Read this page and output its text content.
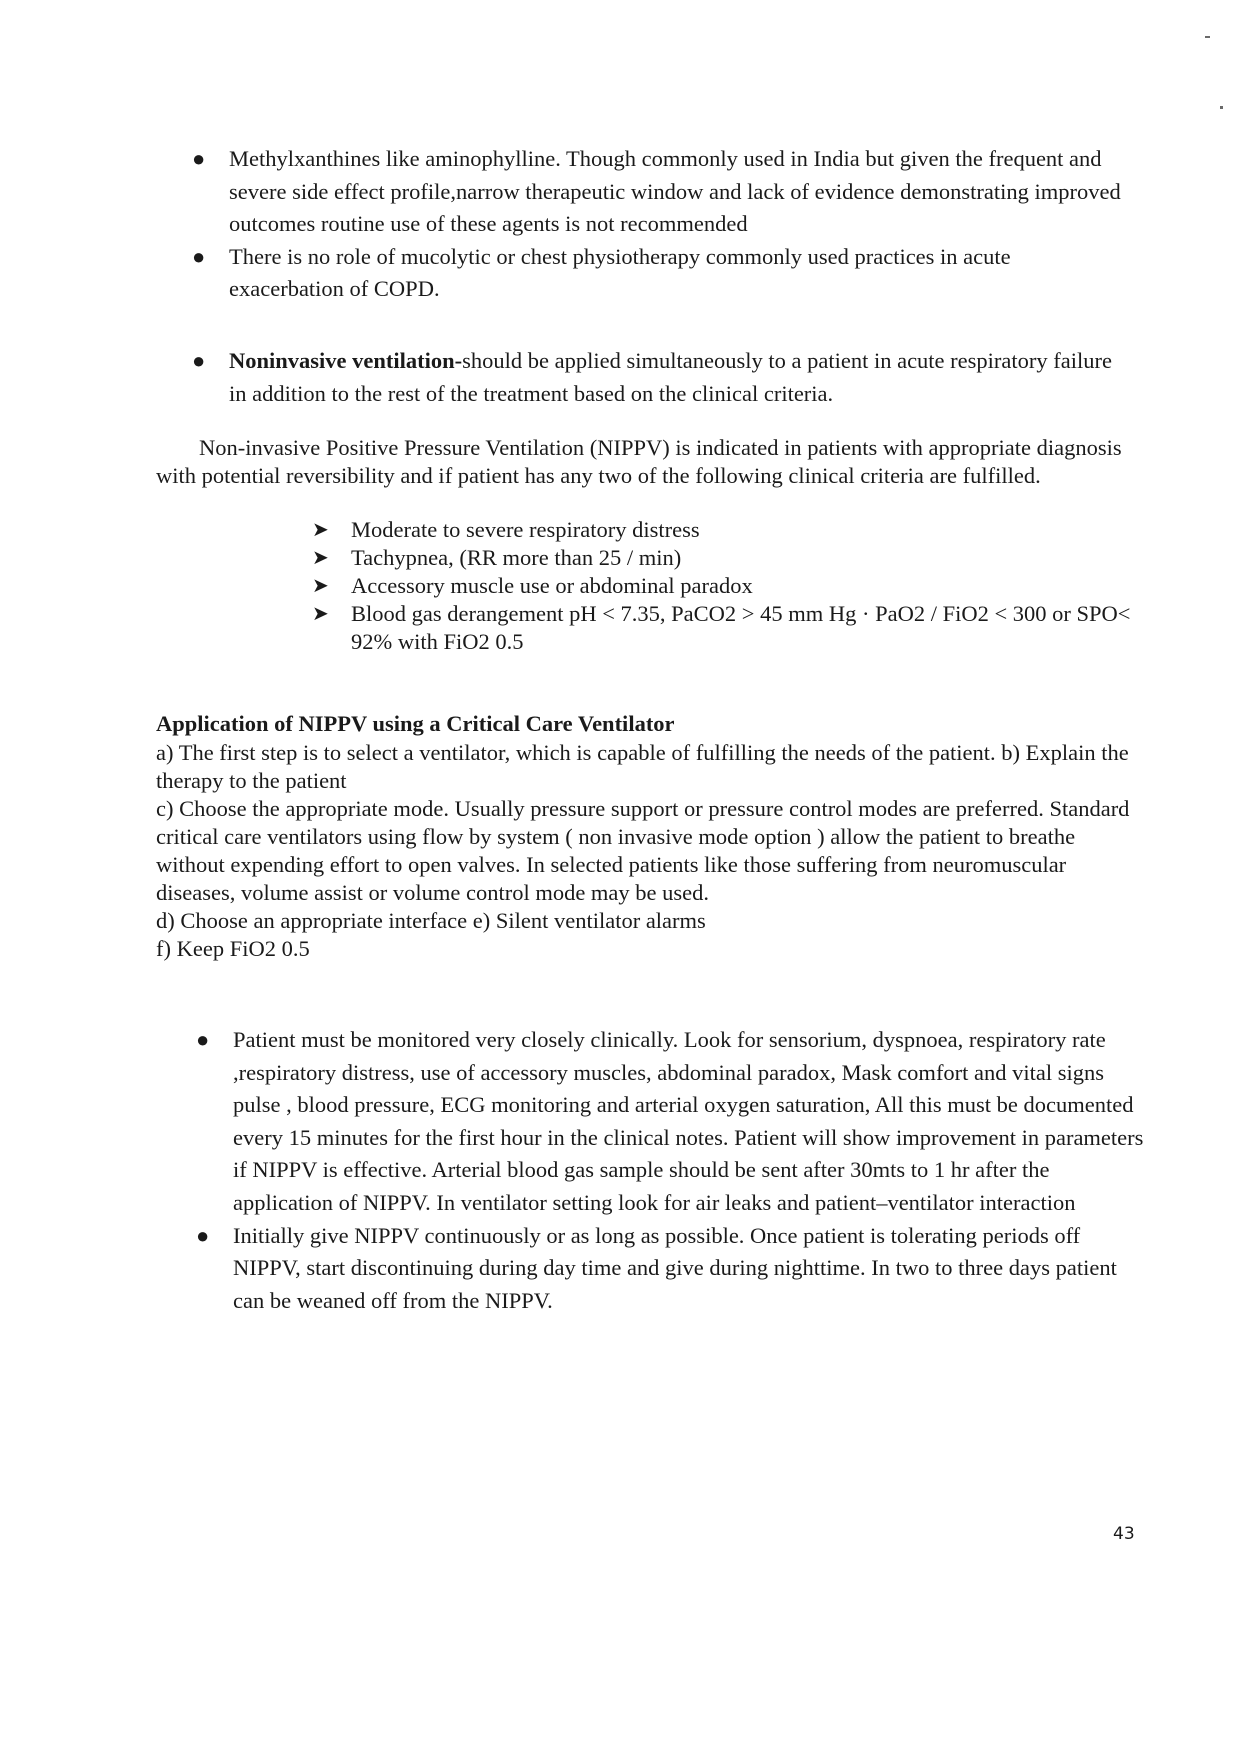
● Methylxanthines like aminophylline. Though commonly used in India but given the frequent and severe side effect profile,narrow therapeutic window and lack of evidence demonstrating improved outcomes routine use of these agents is not recommended
● There is no role of mucolytic or chest physiotherapy commonly used practices in acute exacerbation of COPD.
● Noninvasive ventilation-should be applied simultaneously to a patient in acute respiratory failure in addition to the rest of the treatment based on the clinical criteria.

Non-invasive Positive Pressure Ventilation (NIPPV) is indicated in patients with appropriate diagnosis with potential reversibility and if patient has any two of the following clinical criteria are fulfilled.

➤ Moderate to severe respiratory distress
➤ Tachypnea, (RR more than 25 / min)
➤ Accessory muscle use or abdominal paradox
➤ Blood gas derangement pH < 7.35, PaCO2 > 45 mm Hg · PaO2 / FiO2 < 300 or SPO< 92% with FiO2 0.5
Application of NIPPV using a Critical Care Ventilator
a) The first step is to select a ventilator, which is capable of fulfilling the needs of the patient. b) Explain the therapy to the patient
c) Choose the appropriate mode. Usually pressure support or pressure control modes are preferred. Standard critical care ventilators using flow by system ( non invasive mode option ) allow the patient to breathe without expending effort to open valves. In selected patients like those suffering from neuromuscular diseases, volume assist or volume control mode may be used.
d) Choose an appropriate interface e) Silent ventilator alarms
f) Keep FiO2 0.5
● Patient must be monitored very closely clinically. Look for sensorium, dyspnoea, respiratory rate ,respiratory distress, use of accessory muscles, abdominal paradox, Mask comfort and vital signs pulse , blood pressure, ECG monitoring and arterial oxygen saturation, All this must be documented every 15 minutes for the first hour in the clinical notes. Patient will show improvement in parameters if NIPPV is effective. Arterial blood gas sample should be sent after 30mts to 1 hr after the application of NIPPV. In ventilator setting look for air leaks and patient–ventilator interaction
● Initially give NIPPV continuously or as long as possible. Once patient is tolerating periods off NIPPV, start discontinuing during day time and give during nighttime. In two to three days patient can be weaned off from the NIPPV.
43
